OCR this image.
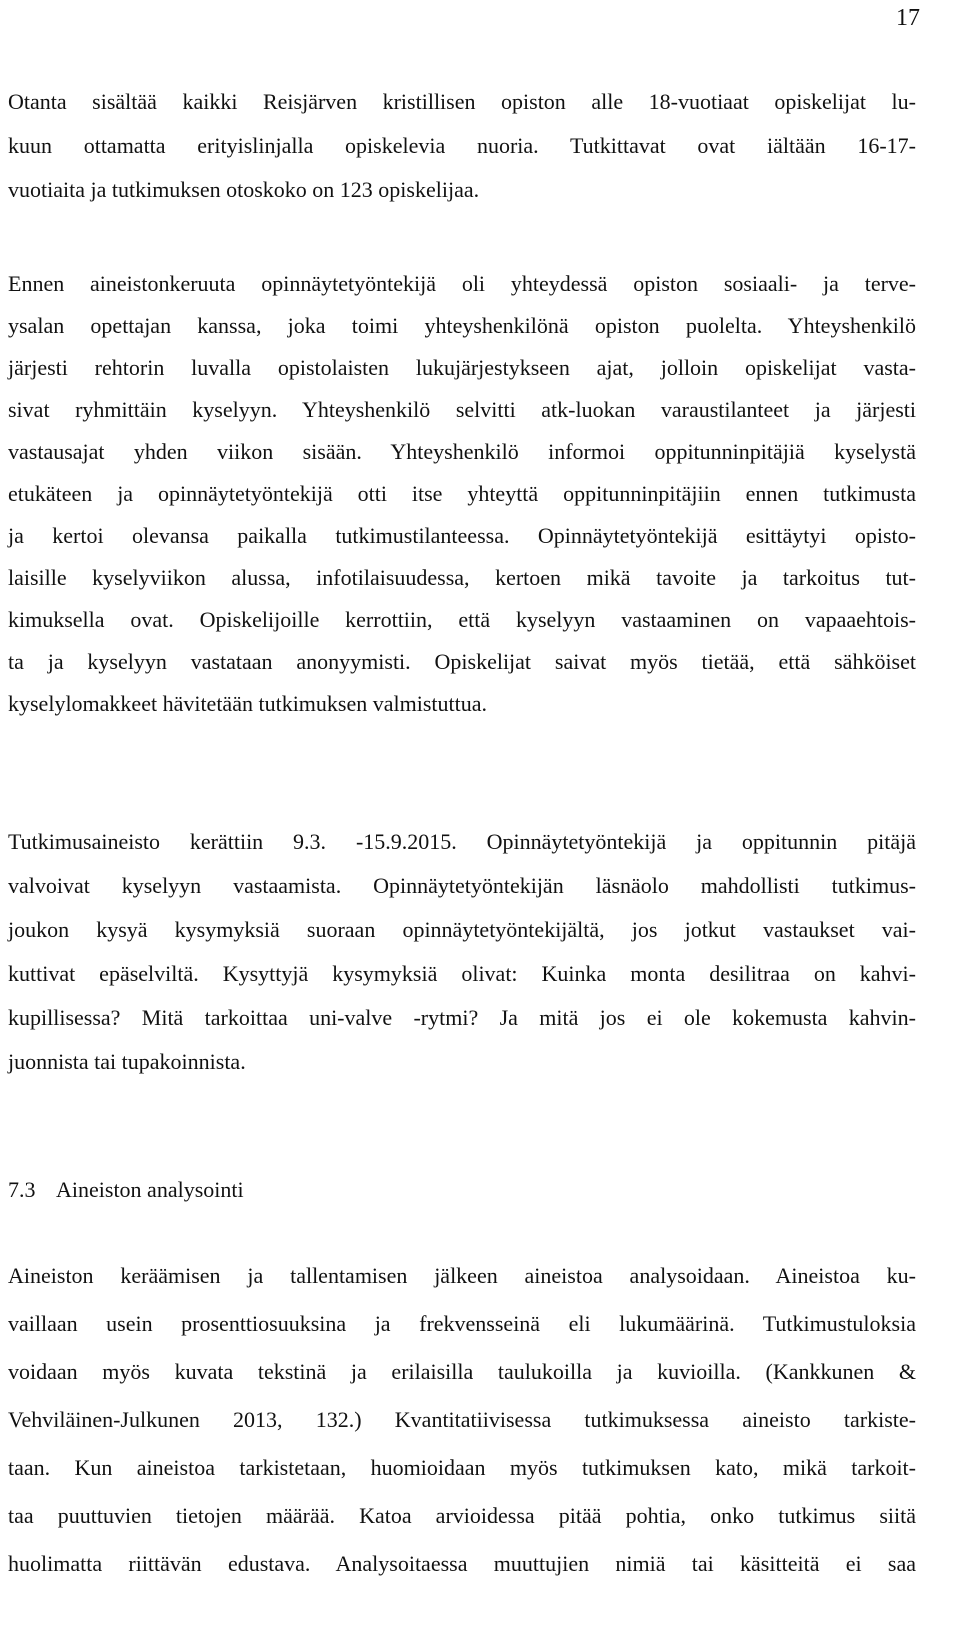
17
Otanta sisältää kaikki Reisjärven kristillisen opiston alle 18-vuotiaat opiskelijat lu-
kuun ottamatta erityislinjalla opiskelevia nuoria. Tutkittavat ovat iältään 16-17-
vuotiaita ja tutkimuksen otoskoko on 123 opiskelijaa.
Ennen aineistonkeruuta opinnäytetyöntekijä oli yhteydessä opiston sosiaali- ja terve-
ysalan opettajan kanssa, joka toimi yhteyshenkilönä opiston puolelta. Yhteyshenkilö
järjesti rehtorin luvalla opistolaisten lukujärjestykseen ajat, jolloin opiskelijat vasta-
sivat ryhmittäin kyselyyn. Yhteyshenkilö selvitti atk-luokan varaustilanteet ja järjesti
vastausajat yhden viikon sisään. Yhteyshenkilö informoi oppitunninpitäjiä kyselystä
etukäteen ja opinnäytetyöntekijä otti itse yhteyttä oppitunninpitäjiin ennen tutkimusta
ja kertoi olevansa paikalla tutkimustilanteessa. Opinnäytetyöntekijä esittäytyi opisto-
laisille kyselyviikon alussa, infotilaisuudessa, kertoen mikä tavoite ja tarkoitus tut-
kimuksella ovat. Opiskelijoille kerrottiin, että kyselyyn vastaaminen on vapaaehtois-
ta ja kyselyyn vastataan anonyymisti. Opiskelijat saivat myös tietää, että sähköiset
kyselylomakkeet hävitetään tutkimuksen valmistuttua.
Tutkimusaineisto kerättiin 9.3. -15.9.2015. Opinnäytetyöntekijä ja oppitunnin pitäjä
valvoivat kyselyyn vastaamista. Opinnäytetyöntekijän läsnäolo mahdollisti tutkimus-
joukon kysyä kysymyksiä suoraan opinnäytetyöntekijältä, jos jotkut vastaukset vai-
kuttivat epäselviltä. Kysyttyjä kysymyksiä olivat: Kuinka monta desilitraa on kahvi-
kupillisessa? Mitä tarkoittaa uni-valve -rytmi? Ja mitä jos ei ole kokemusta kahvin-
juonnista tai tupakoinnista.
7.3 Aineiston analysointi
Aineiston keräämisen ja tallentamisen jälkeen aineistoa analysoidaan. Aineistoa ku-
vaillaan usein prosenttiosuuksina ja frekvensseinä eli lukumäärinä. Tutkimustuloksia
voidaan myös kuvata tekstinä ja erilaisilla taulukoilla ja kuvioilla. (Kankkunen &
Vehviläinen-Julkunen 2013, 132.) Kvantitatiivisessa tutkimuksessa aineisto tarkiste-
taan. Kun aineistoa tarkistetaan, huomioidaan myös tutkimuksen kato, mikä tarkoit-
taa puuttuvien tietojen määrää. Katoa arvioidessa pitää pohtia, onko tutkimus siitä
huolimatta riittävän edustava. Analysoitaessa muuttujien nimiä tai käsitteitä ei saa
